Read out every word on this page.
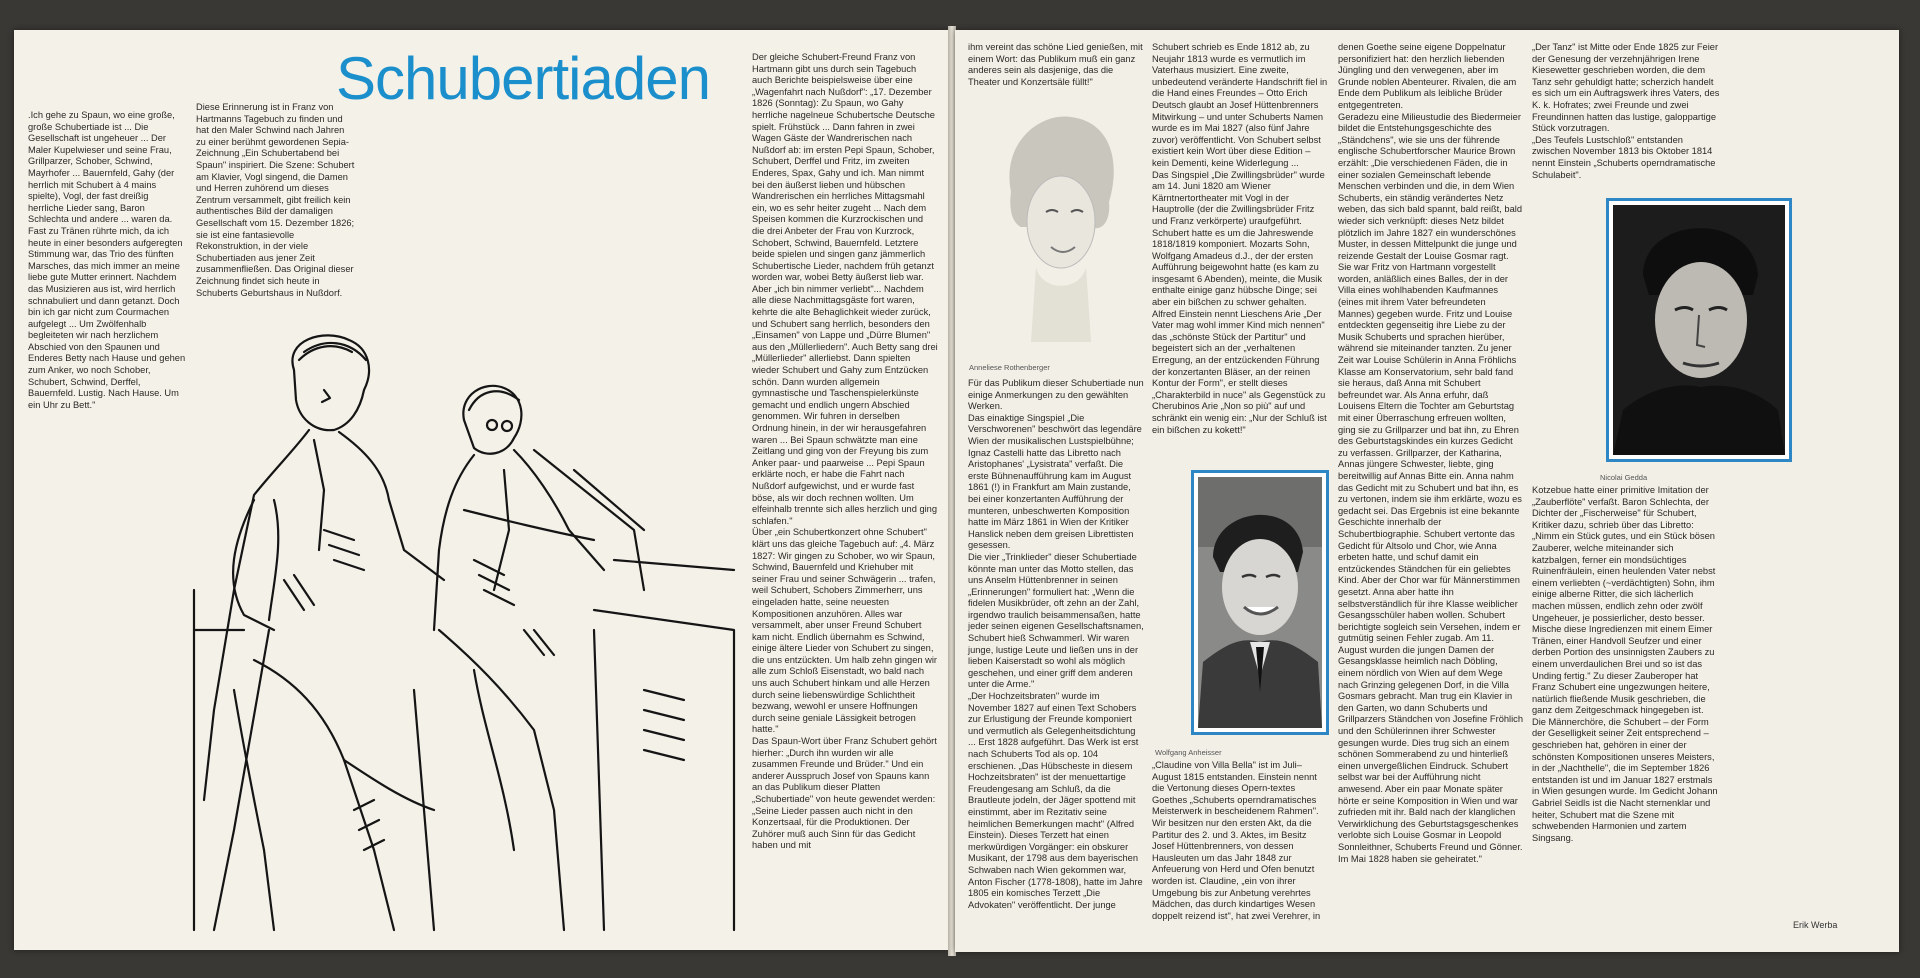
Schubertiaden

.Ich gehe zu Spaun, wo eine große, große Schubertiade ist ... Die Gesellschaft ist ungeheuer ... Der Maler Kupelwieser und seine Frau, Grillparzer, Schober, Schwind, Mayrhofer ... Bauernfeld, Gahy (der herrlich mit Schubert à 4 mains spielte), Vogl, der fast dreißig herrliche Lieder sang, Baron Schlechta und andere ... waren da. Fast zu Tränen rührte mich, da ich heute in einer besonders aufgeregten Stimmung war, das Trio des fünften Marsches, das mich immer an meine liebe gute Mutter erinnert. Nachdem das Musizieren aus ist, wird herrlich schnabuliert und dann getanzt. Doch bin ich gar nicht zum Courmachen aufgelegt ... Um Zwölfenhalb begleiteten wir nach herzlichem Abschied von den Spaunen und Enderes Betty nach Hause und gehen zum Anker, wo noch Schober, Schubert, Schwind, Derffel, Bauernfeld. Lustig. Nach Hause. Um ein Uhr zu Bett."

Diese Erinnerung ist in Franz von Hartmanns Tagebuch zu finden und hat den Maler Schwind nach Jahren zu einer berühmt gewordenen Sepia-Zeichnung „Ein Schubertabend bei Spaun" inspiriert. Die Szene: Schubert am Klavier, Vogl singend, die Damen und Herren zuhörend um dieses Zentrum versammelt, gibt freilich kein authentisches Bild der damaligen Gesellschaft vom 15. Dezember 1826; sie ist eine fantasievolle Rekonstruktion, in der viele Schubertiaden aus jener Zeit zusammenfließen. Das Original dieser Zeichnung findet sich heute in Schuberts Geburtshaus in Nußdorf.

Der gleiche Schubert-Freund Franz von Hartmann gibt uns durch sein Tagebuch auch Berichte beispielsweise über eine „Wagenfahrt nach Nußdorf": „17. Dezember 1826 (Sonntag): Zu Spaun, wo Gahy herrliche nagelneue Schubertsche Deutsche spielt. Frühstück ... Dann fahren in zwei Wagen Gäste der Wandrerischen nach Nußdorf ab: im ersten Pepi Spaun, Schober, Schubert, Derffel und Fritz, im zweiten Enderes, Spax, Gahy und ich. Man nimmt bei den äußerst lieben und hübschen Wandrerischen ein herrliches Mittagsmahl ein, wo es sehr heiter zugeht ... Nach dem Speisen kommen die Kurzrockischen und die drei Anbeter der Frau von Kurzrock, Schobert, Schwind, Bauernfeld. Letztere beide spielen und singen ganz jämmerlich Schubertische Lieder, nachdem früh getanzt worden war, wobei Betty äußerst lieb war. Aber „ich bin nimmer verliebt"... Nachdem alle diese Nachmittagsgäste fort waren, kehrte die alte Behaglichkeit wieder zurück, und Schubert sang herrlich, besonders den „Einsamen" von Lappe und „Dürre Blumen" aus den „Müllerliedern". Auch Betty sang drei „Müllerlieder" allerliebst. Dann spielten wieder Schubert und Gahy zum Entzücken schön. Dann wurden allgemein gymnastische und Taschenspielerkünste gemacht und endlich ungern Abschied genommen. Wir fuhren in derselben Ordnung hinein, in der wir herausgefahren waren ... Bei Spaun schwätzte man eine Zeitlang und ging von der Freyung bis zum Anker paar- und paarweise ... Pepi Spaun erklärte noch, er habe die Fahrt nach Nußdorf aufgewichst, und er wurde fast böse, als wir doch rechnen wollten. Um elfeinhalb trennte sich alles herzlich und ging schlafen."

Über „ein Schubertkonzert ohne Schubert" klärt uns das gleiche Tagebuch auf: „4. März 1827: Wir gingen zu Schober, wo wir Spaun, Schwind, Bauernfeld und Kriehuber mit seiner Frau und seiner Schwägerin ... trafen, weil Schubert, Schobers Zimmerherr, uns eingeladen hatte, seine neuesten Kompositionen anzuhören. Alles war versammelt, aber unser Freund Schubert kam nicht. Endlich übernahm es Schwind, einige ältere Lieder von Schubert zu singen, die uns entzückten. Um halb zehn gingen wir alle zum Schloß Eisenstadt, wo bald nach uns auch Schubert hinkam und alle Herzen durch seine liebenswürdige Schlichtheit bezwang, wewohl er unsere Hoffnungen durch seine geniale Lässigkeit betrogen hatte."

Das Spaun-Wort über Franz Schubert gehört hierher: „Durch ihn wurden wir alle zusammen Freunde und Brüder." Und ein anderer Ausspruch Josef von Spauns kann an das Publikum dieser Platten „Schubertiade" von heute gewendet werden: „Seine Lieder passen auch nicht in den Konzertsaal, für die Produktionen. Der Zuhörer muß auch Sinn für das Gedicht haben und mit

ihm vereint das schöne Lied genießen, mit einem Wort: das Publikum muß ein ganz anderes sein als dasjenige, das die Theater und Konzertsäle füllt!"

Anneliese Rothenberger

Für das Publikum dieser Schubertiade nun einige Anmerkungen zu den gewählten Werken.

Das einaktige Singspiel „Die Verschworenen" beschwört das legendäre Wien der musikalischen Lustspielbühne; Ignaz Castelli hatte das Libretto nach Aristophanes' „Lysistrata" verfaßt. Die erste Bühnenaufführung kam im August 1861 (!) in Frankfurt am Main zustande, bei einer konzertanten Aufführung der munteren, unbeschwerten Komposition hatte im März 1861 in Wien der Kritiker Hanslick neben dem greisen Librettisten gesessen.

Die vier „Trinklieder" dieser Schubertiade könnte man unter das Motto stellen, das uns Anselm Hüttenbrenner in seinen „Erinnerungen" formuliert hat: „Wenn die fidelen Musikbrüder, oft zehn an der Zahl, irgendwo traulich beisammensaßen, hatte jeder seinen eigenen Gesellschaftsnamen, Schubert hieß Schwammerl. Wir waren junge, lustige Leute und ließen uns in der lieben Kaiserstadt so wohl als möglich geschehen, und einer griff dem anderen unter die Arme."

„Der Hochzeitsbraten" wurde im November 1827 auf einen Text Schobers zur Erlustigung der Freunde komponiert und vermutlich als Gelegenheitsdichtung ... Erst 1828 aufgeführt. Das Werk ist erst nach Schuberts Tod als op. 104 erschienen. „Das Hübscheste in diesem Hochzeitsbraten" ist der menuettartige Freudengesang am Schluß, da die Brautleute jodeln, der Jäger spottend mit einstimmt, aber im Rezitativ seine heimlichen Bemerkungen macht" (Alfred Einstein). Dieses Terzett hat einen merkwürdigen Vorgänger: ein obskurer Musikant, der 1798 aus dem bayerischen Schwaben nach Wien gekommen war, Anton Fischer (1778-1808), hatte im Jahre 1805 ein komisches Terzett „Die Advokaten" veröffentlicht. Der junge

Schubert schrieb es Ende 1812 ab, zu Neujahr 1813 wurde es vermutlich im Vaterhaus musiziert. Eine zweite, unbedeutend veränderte Handschrift fiel in die Hand eines Freundes – Otto Erich Deutsch glaubt an Josef Hüttenbrenners Mitwirkung – und unter Schuberts Namen wurde es im Mai 1827 (also fünf Jahre zuvor) veröffentlicht. Von Schubert selbst existiert kein Wort über diese Edition – kein Dementi, keine Widerlegung ...

Das Singspiel „Die Zwillingsbrüder" wurde am 14. Juni 1820 am Wiener Kärntnertortheater mit Vogl in der Hauptrolle (der die Zwillingsbrüder Fritz und Franz verkörperte) uraufgeführt. Schubert hatte es um die Jahreswende 1818/1819 komponiert. Mozarts Sohn, Wolfgang Amadeus d.J., der der ersten Aufführung beigewohnt hatte (es kam zu insgesamt 6 Abenden), meinte, die Musik enthalte einige ganz hübsche Dinge; sei aber ein bißchen zu schwer gehalten. Alfred Einstein nennt Lieschens Arie „Der Vater mag wohl immer Kind mich nennen" das „schönste Stück der Partitur" und begeistert sich an der „verhaltenen Erregung, an der entzückenden Führung der konzertanten Bläser, an der reinen Kontur der Form", er stellt dieses „Charakterbild in nuce" als Gegenstück zu Cherubinos Arie „Non so più" auf und schränkt ein wenig ein: „Nur der Schluß ist ein bißchen zu kokett!"

Wolfgang Anheisser

„Claudine von Villa Bella" ist im Juli–August 1815 entstanden. Einstein nennt die Vertonung dieses Opern-textes Goethes „Schuberts operndramatisches Meisterwerk in bescheidenem Rahmen". Wir besitzen nur den ersten Akt, da die Partitur des 2. und 3. Aktes, im Besitz Josef Hüttenbrenners, von dessen Hausleuten um das Jahr 1848 zur Anfeuerung von Herd und Ofen benutzt worden ist. Claudine, „ein von ihrer Umgebung bis zur Anbetung verehrtes Mädchen, das durch kindartiges Wesen doppelt reizend ist", hat zwei Verehrer, in

denen Goethe seine eigene Doppelnatur personifiziert hat: den herzlich liebenden Jüngling und den verwegenen, aber im Grunde noblen Abenteurer. Rivalen, die am Ende dem Publikum als leibliche Brüder entgegentreten.

Geradezu eine Milieustudie des Biedermeier bildet die Entstehungsgeschichte des „Ständchens", wie sie uns der führende englische Schubertforscher Maurice Brown erzählt: „Die verschiedenen Fäden, die in einer sozialen Gemeinschaft lebende Menschen verbinden und die, in dem Wien Schuberts, ein ständig verändertes Netz weben, das sich bald spannt, bald reißt, bald wieder sich verknüpft: dieses Netz bildet plötzlich im Jahre 1827 ein wunderschönes Muster, in dessen Mittelpunkt die junge und reizende Gestalt der Louise Gosmar ragt. Sie war Fritz von Hartmann vorgestellt worden, anläßlich eines Balles, der in der Villa eines wohlhabenden Kaufmannes (eines mit ihrem Vater befreundeten Mannes) gegeben wurde. Fritz und Louise entdeckten gegenseitig ihre Liebe zu der Musik Schuberts und sprachen hierüber, während sie miteinander tanzten. Zu jener Zeit war Louise Schülerin in Anna Fröhlichs Klasse am Konservatorium, sehr bald fand sie heraus, daß Anna mit Schubert befreundet war. Als Anna erfuhr, daß Louisens Eltern die Tochter am Geburtstag mit einer Überraschung erfreuen wollten, ging sie zu Grillparzer und bat ihn, zu Ehren des Geburtstagskindes ein kurzes Gedicht zu verfassen. Grillparzer, der Katharina, Annas jüngere Schwester, liebte, ging bereitwillig auf Annas Bitte ein. Anna nahm das Gedicht mit zu Schubert und bat ihn, es zu vertonen, indem sie ihm erklärte, wozu es gedacht sei. Das Ergebnis ist eine bekannte Geschichte innerhalb der Schubertbiographie. Schubert vertonte das Gedicht für Altsolo und Chor, wie Anna erbeten hatte, und schuf damit ein entzückendes Ständchen für ein geliebtes Kind. Aber der Chor war für Männerstimmen gesetzt. Anna aber hatte ihn selbstverständlich für ihre Klasse weiblicher Gesangsschüler haben wollen. Schubert berichtigte sogleich sein Versehen, indem er gutmütig seinen Fehler zugab. Am 11. August wurden die jungen Damen der Gesangsklasse heimlich nach Döbling, einem nördlich von Wien auf dem Wege nach Grinzing gelegenen Dorf, in die Villa Gosmars gebracht. Man trug ein Klavier in den Garten, wo dann Schuberts und Grillparzers Ständchen von Josefine Fröhlich und den Schülerinnen ihrer Schwester gesungen wurde. Dies trug sich an einem schönen Sommerabend zu und hinterließ einen unvergeßlichen Eindruck. Schubert selbst war bei der Aufführung nicht anwesend. Aber ein paar Monate später hörte er seine Komposition in Wien und war zufrieden mit ihr. Bald nach der klanglichen Verwirklichung des Geburtstagsgeschenkes verlobte sich Louise Gosmar in Leopold Sonnleithner, Schuberts Freund und Gönner. Im Mai 1828 haben sie geheiratet."

„Der Tanz" ist Mitte oder Ende 1825 zur Feier der Genesung der verzehnjährigen Irene Kiesewetter geschrieben worden, die dem Tanz sehr gehuldigt hatte; scherzich handelt es sich um ein Auftragswerk ihres Vaters, des K. k. Hofrates; zwei Freunde und zwei Freundinnen hatten das lustige, galoppartige Stück vorzutragen.

„Des Teufels Lustschloß" entstanden zwischen November 1813 bis Oktober 1814 nennt Einstein „Schuberts operndramatische Schulabeit".

Nicolai Gedda

Kotzebue hatte einer primitive Imitation der „Zauberflöte" verfaßt. Baron Schlechta, der Dichter der „Fischerweise" für Schubert, Kritiker dazu, schrieb über das Libretto: „Nimm ein Stück gutes, und ein Stück bösen Zauberer, welche miteinander sich katzbalgen, ferner ein mondsüchtiges Ruinenfräulein, einen heulenden Vater nebst einem verliebten (~verdächtigten) Sohn, ihm einige alberne Ritter, die sich lächerlich machen müssen, endlich zehn oder zwölf Ungeheuer, je possierlicher, desto besser. Mische diese Ingredienzen mit einem Eimer Tränen, einer Handvoll Seufzer und einer derben Portion des unsinnigsten Zaubers zu einem unverdaulichen Brei und so ist das Unding fertig." Zu dieser Zauberoper hat Franz Schubert eine ungezwungen heitere, natürlich fließende Musik geschrieben, die ganz dem Zeitgeschmack hingegeben ist.

Die Männerchöre, die Schubert – der Form der Geselligkeit seiner Zeit entsprechend – geschrieben hat, gehören in einer der schönsten Kompositionen unseres Meisters, in der „Nachthelle", die im September 1826 entstanden ist und im Januar 1827 erstmals in Wien gesungen wurde. Im Gedicht Johann Gabriel Seidls ist die Nacht sternenklar und heiter, Schubert mat die Szene mit schwebenden Harmonien und zartem Singsang.

Erik Werba
